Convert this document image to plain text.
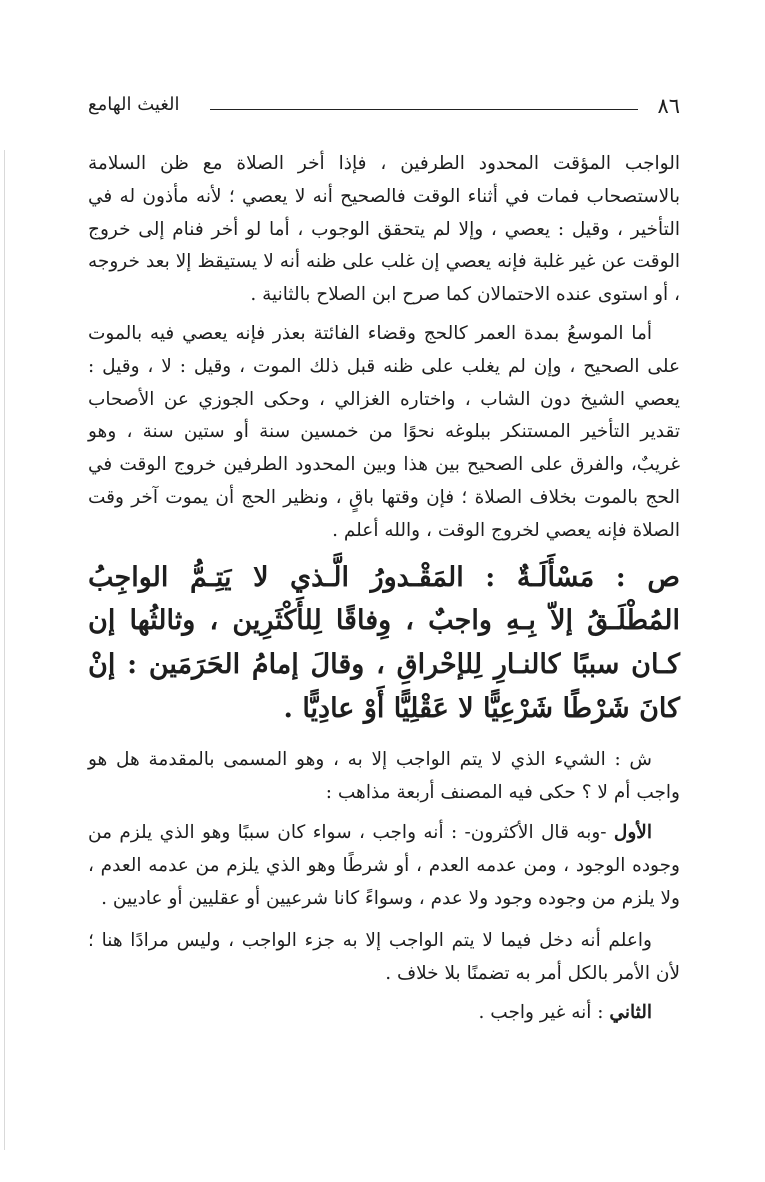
٨٦
الغيث الهامع

الواجب المؤقت المحدود الطرفين ، فإذا أخر الصلاة مع ظن السلامة بالاستصحاب فمات في أثناء الوقت فالصحيح أنه لا يعصي ؛ لأنه مأذون له في التأخير ، وقيل : يعصي ، وإلا لم يتحقق الوجوب ، أما لو أخر فنام إلى خروج الوقت عن غير غلبة فإنه يعصي إن غلب على ظنه أنه لا يستيقظ إلا بعد خروجه ، أو استوى عنده الاحتمالان كما صرح ابن الصلاح بالثانية .

أما الموسعُ بمدة العمر كالحج وقضاء الفائتة بعذر فإنه يعصي فيه بالموت على الصحيح ، وإن لم يغلب على ظنه قبل ذلك الموت ، وقيل : لا ، وقيل : يعصي الشيخ دون الشاب ، واختاره الغزالي ، وحكى الجوزي عن الأصحاب تقدير التأخير المستنكر ببلوغه نحوًا من خمسين سنة أو ستين سنة ، وهو غريبٌ، والفرق على الصحيح بين هذا وبين المحدود الطرفين خروج الوقت في الحج بالموت بخلاف الصلاة ؛ فإن وقتها باقٍ ، ونظير الحج أن يموت آخر وقت الصلاة فإنه يعصي لخروج الوقت ، والله أعلم .

ص : مَسْأَلَـةٌ : المَقْـدورُ الَّـذي لا يَتِـمُّ الواجِبُ المُطْلَـقُ إلاّ بِـهِ واجبٌ ، وِفاقًا لِلأَكْثَرِين ، وثالثُها إن كـان سببًا كالنـارِ لِلإحْراقِ ، وقالَ إمامُ الحَرَمَين : إنْ كانَ شَرْطًا شَرْعِيًّا لا عَقْلِيًّا أَوْ عادِيًّا .

ش : الشيء الذي لا يتم الواجب إلا به ، وهو المسمى بالمقدمة هل هو واجب أم لا ؟ حكى فيه المصنف أربعة مذاهب :

الأول -وبه قال الأكثرون- : أنه واجب ، سواء كان سببًا وهو الذي يلزم من وجوده الوجود ، ومن عدمه العدم ، أو شرطًا وهو الذي يلزم من عدمه العدم ، ولا يلزم من وجوده وجود ولا عدم ، وسواءً كانا شرعيين أو عقليين أو عاديين .

واعلم أنه دخل فيما لا يتم الواجب إلا به جزء الواجب ، وليس مرادًا هنا ؛ لأن الأمر بالكل أمر به تضمنًا بلا خلاف .

الثاني : أنه غير واجب .
